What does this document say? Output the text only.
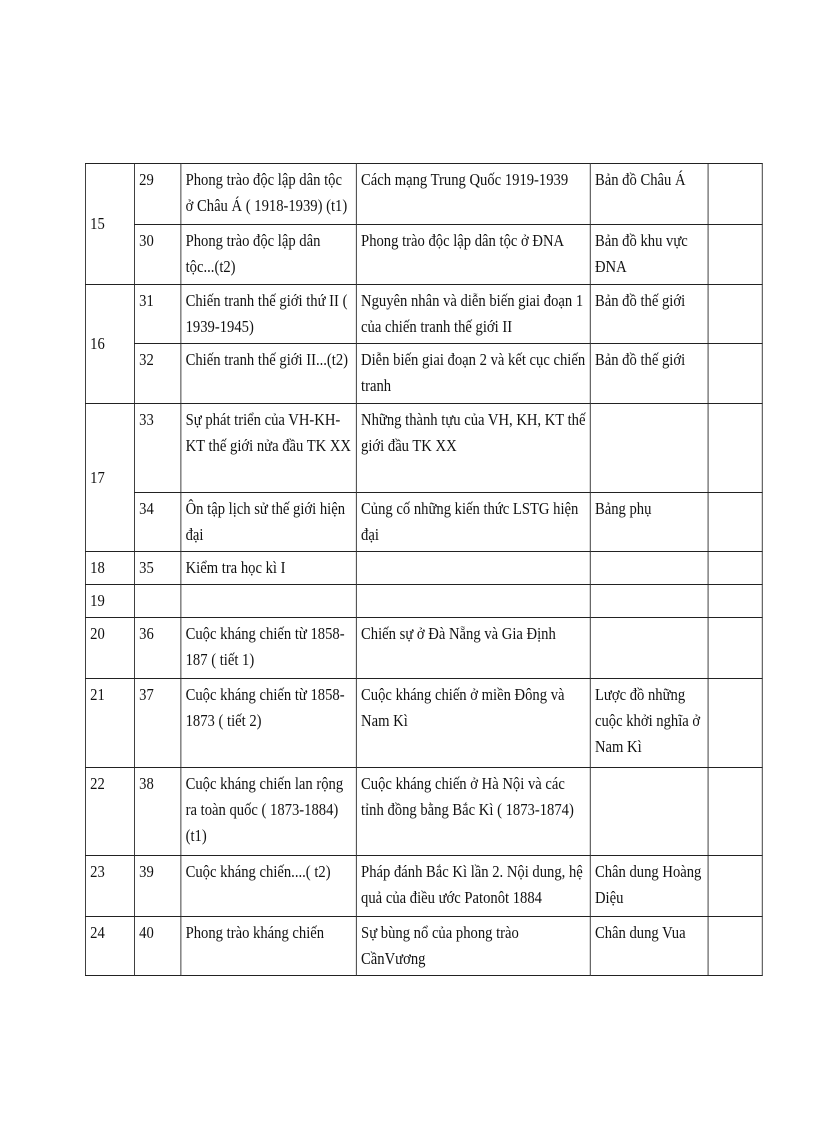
15	29	Phong trào độc lập dân tộc ở Châu Á ( 1918-1939) (t1)	Cách mạng Trung Quốc 1919-1939	Bản đồ Châu Á	
	30	Phong trào độc lập dân tộc...(t2)	Phong trào độc lập dân tộc ở ĐNA	Bản đồ khu vực ĐNA	
16	31	Chiến tranh thế giới thứ II ( 1939-1945)	Nguyên nhân và diễn biến giai đoạn 1 của chiến tranh thế giới II	Bản đồ thế giới	
	32	Chiến tranh thế giới II...(t2)	Diễn biến giai đoạn 2 và kết cục chiến tranh	Bản đồ thế giới	
17	33	Sự phát triển của VH-KH-KT thế giới nửa đầu TK XX	Những thành tựu của VH, KH, KT thế giới đầu TK XX		
	34	Ôn tập lịch sử thế giới hiện đại	Củng cố những kiến thức LSTG hiện đại	Bảng phụ	
18	35	Kiểm tra học kì I			
19					
20	36	Cuộc kháng chiến từ 1858-187 ( tiết 1)	Chiến sự ở Đà Nẵng và Gia Định		
21	37	Cuộc kháng chiến từ 1858-1873 ( tiết 2)	Cuộc kháng chiến ở miền Đông và Nam Kì	Lược đồ những cuộc khởi nghĩa ở Nam Kì	
22	38	Cuộc kháng chiến lan rộng ra toàn quốc ( 1873-1884) (t1)	Cuộc kháng chiến ở Hà Nội và các tỉnh đồng bằng Bắc Kì ( 1873-1874)		
23	39	Cuộc kháng chiến....( t2)	Pháp đánh Bắc Kì lần 2. Nội dung, hệ quả của điều ước Patonôt 1884	Chân dung Hoàng Diệu	
24	40	Phong trào kháng chiến	Sự bùng nổ của phong trào CầnVương	Chân dung Vua	
